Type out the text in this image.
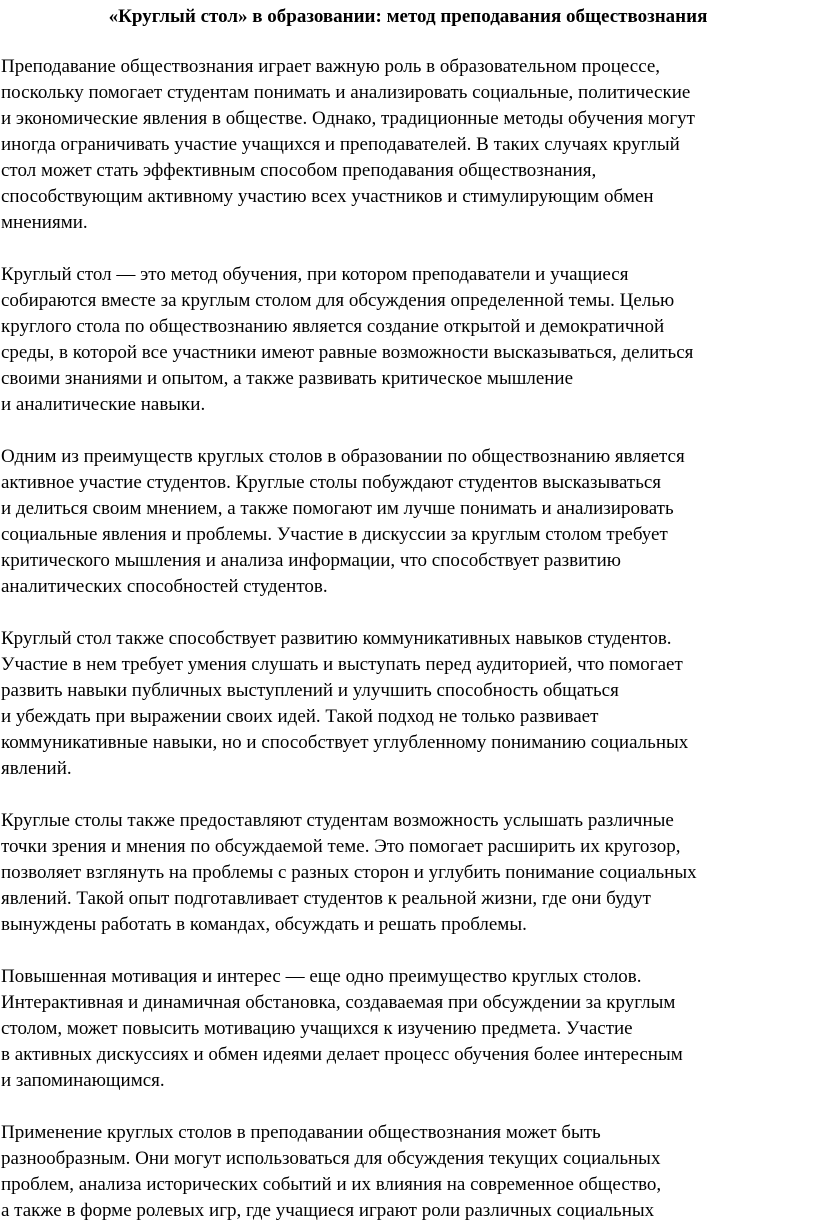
«Круглый стол» в образовании: метод преподавания обществознания

Преподавание обществознания играет важную роль в образовательном процессе,
поскольку помогает студентам понимать и анализировать социальные, политические
и экономические явления в обществе. Однако, традиционные методы обучения могут
иногда ограничивать участие учащихся и преподавателей. В таких случаях круглый
стол может стать эффективным способом преподавания обществознания,
способствующим активному участию всех участников и стимулирующим обмен
мнениями.

Круглый стол — это метод обучения, при котором преподаватели и учащиеся
собираются вместе за круглым столом для обсуждения определенной темы. Целью
круглого стола по обществознанию является создание открытой и демократичной
среды, в которой все участники имеют равные возможности высказываться, делиться
своими знаниями и опытом, а также развивать критическое мышление
и аналитические навыки.

Одним из преимуществ круглых столов в образовании по обществознанию является
активное участие студентов. Круглые столы побуждают студентов высказываться
и делиться своим мнением, а также помогают им лучше понимать и анализировать
социальные явления и проблемы. Участие в дискуссии за круглым столом требует
критического мышления и анализа информации, что способствует развитию
аналитических способностей студентов.

Круглый стол также способствует развитию коммуникативных навыков студентов.
Участие в нем требует умения слушать и выступать перед аудиторией, что помогает
развить навыки публичных выступлений и улучшить способность общаться
и убеждать при выражении своих идей. Такой подход не только развивает
коммуникативные навыки, но и способствует углубленному пониманию социальных
явлений.

Круглые столы также предоставляют студентам возможность услышать различные
точки зрения и мнения по обсуждаемой теме. Это помогает расширить их кругозор,
позволяет взглянуть на проблемы с разных сторон и углубить понимание социальных
явлений. Такой опыт подготавливает студентов к реальной жизни, где они будут
вынуждены работать в командах, обсуждать и решать проблемы.

Повышенная мотивация и интерес — еще одно преимущество круглых столов.
Интерактивная и динамичная обстановка, создаваемая при обсуждении за круглым
столом, может повысить мотивацию учащихся к изучению предмета. Участие
в активных дискуссиях и обмен идеями делает процесс обучения более интересным
и запоминающимся.

Применение круглых столов в преподавании обществознания может быть
разнообразным. Они могут использоваться для обсуждения текущих социальных
проблем, анализа исторических событий и их влияния на современное общество,
а также в форме ролевых игр, где учащиеся играют роли различных социальных
